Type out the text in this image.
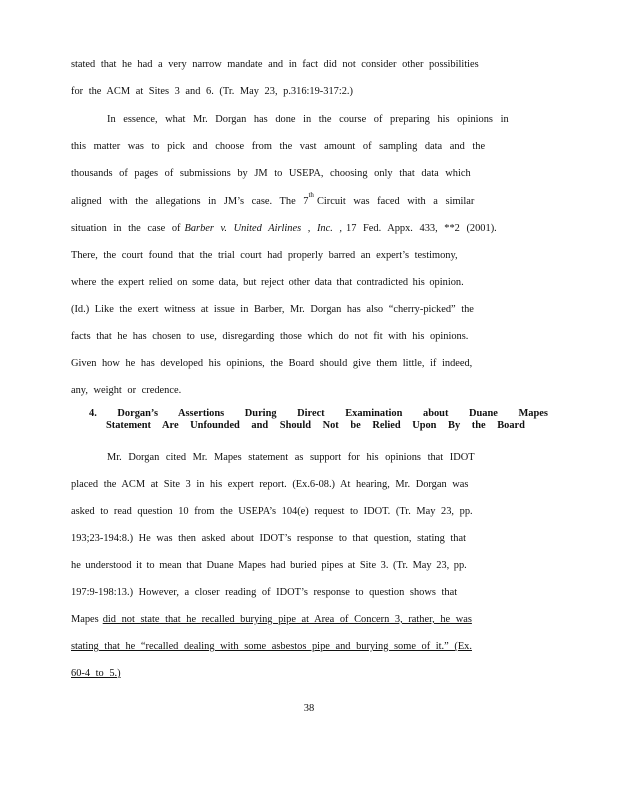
stated that he had a very narrow mandate and in fact did not consider other possibilities
for the ACM at Sites 3 and 6. (Tr. May 23, p.316:19-317:2.)
In essence, what Mr. Dorgan has done in the course of preparing his opinions in
this matter was to pick and choose from the vast amount of sampling data and the
thousands of pages of submissions by JM to USEPA, choosing only that data which
aligned with the allegations in JM’s case. The 7
th
Circuit was faced with a similar
situation in the case of Barber v. United Airlines , Inc. , 17 Fed. Appx. 433, **2 (2001).
There, the court found that the trial court had properly barred an expert’s testimony,
where the expert relied on some data, but reject other data that contradicted his opinion.
(Id.) Like the exert witness at issue in Barber, Mr. Dorgan has also “cherry-picked” the
facts that he has chosen to use, disregarding those which do not fit with his opinions.
Given how he has developed his opinions, the Board should give them little, if indeed,
any, weight or credence.
4. Dorgan’s Assertions During Direct Examination about Duane Mapes
Statement Are Unfounded and Should Not be Relied Upon By the Board
Mr. Dorgan cited Mr. Mapes statement as support for his opinions that IDOT
placed the ACM at Site 3 in his expert report. (Ex.6-08.) At hearing, Mr. Dorgan was
asked to read question 10 from the USEPA’s 104(e) request to IDOT. (Tr. May 23, pp.
193;23-194:8.) He was then asked about IDOT’s response to that question, stating that
he understood it to mean that Duane Mapes had buried pipes at Site 3. (Tr. May 23, pp.
197:9-198:13.) However, a closer reading of IDOT’s response to question shows that
Mapes did not state that he recalled burying pipe at Area of Concern 3, rather, he was
stating that he “recalled dealing with some asbestos pipe and burying some of it.” (Ex.
60-4 to 5.)
38
